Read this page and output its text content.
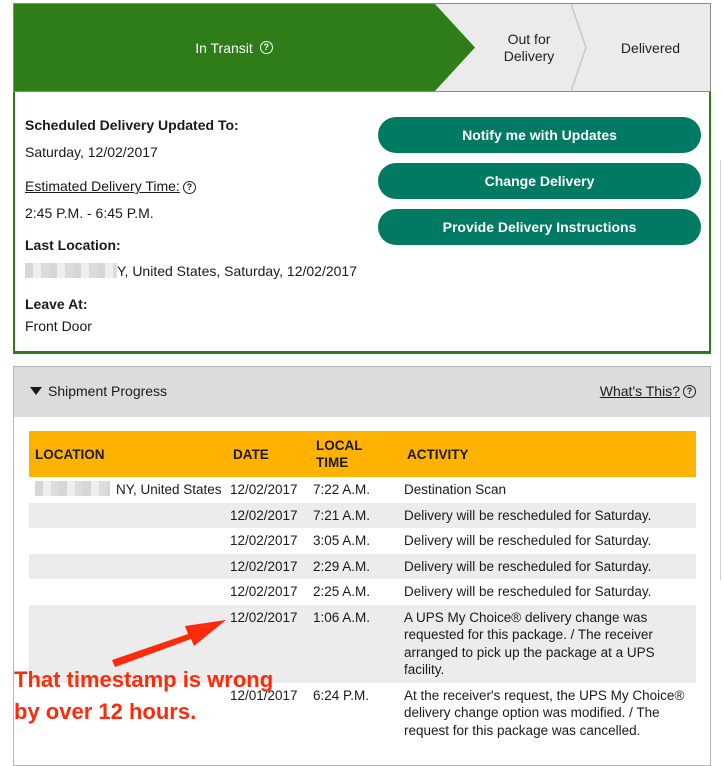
In Transit	?
Out for
Delivery	Delivered
Scheduled Delivery Updated To:
Saturday, 12/02/2017
Estimated Delivery Time: ?
2:45 P.M. - 6:45 P.M.
Last Location:
Y, United States, Saturday, 12/02/2017
Leave At:
Front Door
Notify me with Updates
Change Delivery
Provide Delivery Instructions
Shipment Progress	What's This? ?
LOCATION	DATE	LOCAL TIME	ACTIVITY
NY, United States	12/02/2017	7:22 A.M.	Destination Scan
	12/02/2017	7:21 A.M.	Delivery will be rescheduled for Saturday.
	12/02/2017	3:05 A.M.	Delivery will be rescheduled for Saturday.
	12/02/2017	2:29 A.M.	Delivery will be rescheduled for Saturday.
	12/02/2017	2:25 A.M.	Delivery will be rescheduled for Saturday.
	12/02/2017	1:06 A.M.	A UPS My Choice® delivery change was requested for this package. / The receiver arranged to pick up the package at a UPS facility.
	12/01/2017	6:24 P.M.	At the receiver's request, the UPS My Choice® delivery change option was modified. / The request for this package was cancelled.
That timestamp is wrong
by over 12 hours.
